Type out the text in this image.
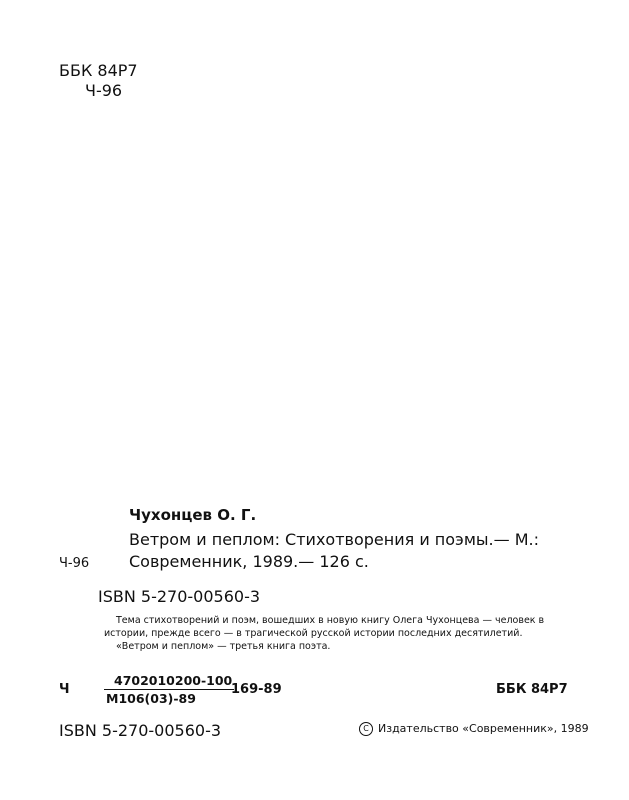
ББК 84Р7
Ч-96
Чухонцев О. Г.
Ветром и пеплом: Стихотворения и поэмы.— М.:
Ч-96 Современник, 1989.— 126 с.
ISBN 5-270-00560-3

Тема стихотворений и поэм, вошедших в новую книгу Олега Чухонцева — человек в истории, прежде всего — в трагической русской истории последних десятилетий.

«Ветром и пеплом» — третья книга поэта.

Ч
4702010200-100
М106(03)-89
169-89	ББК 84Р7
ISBN 5-270-00560-3	C Издательство «Современник», 1989
